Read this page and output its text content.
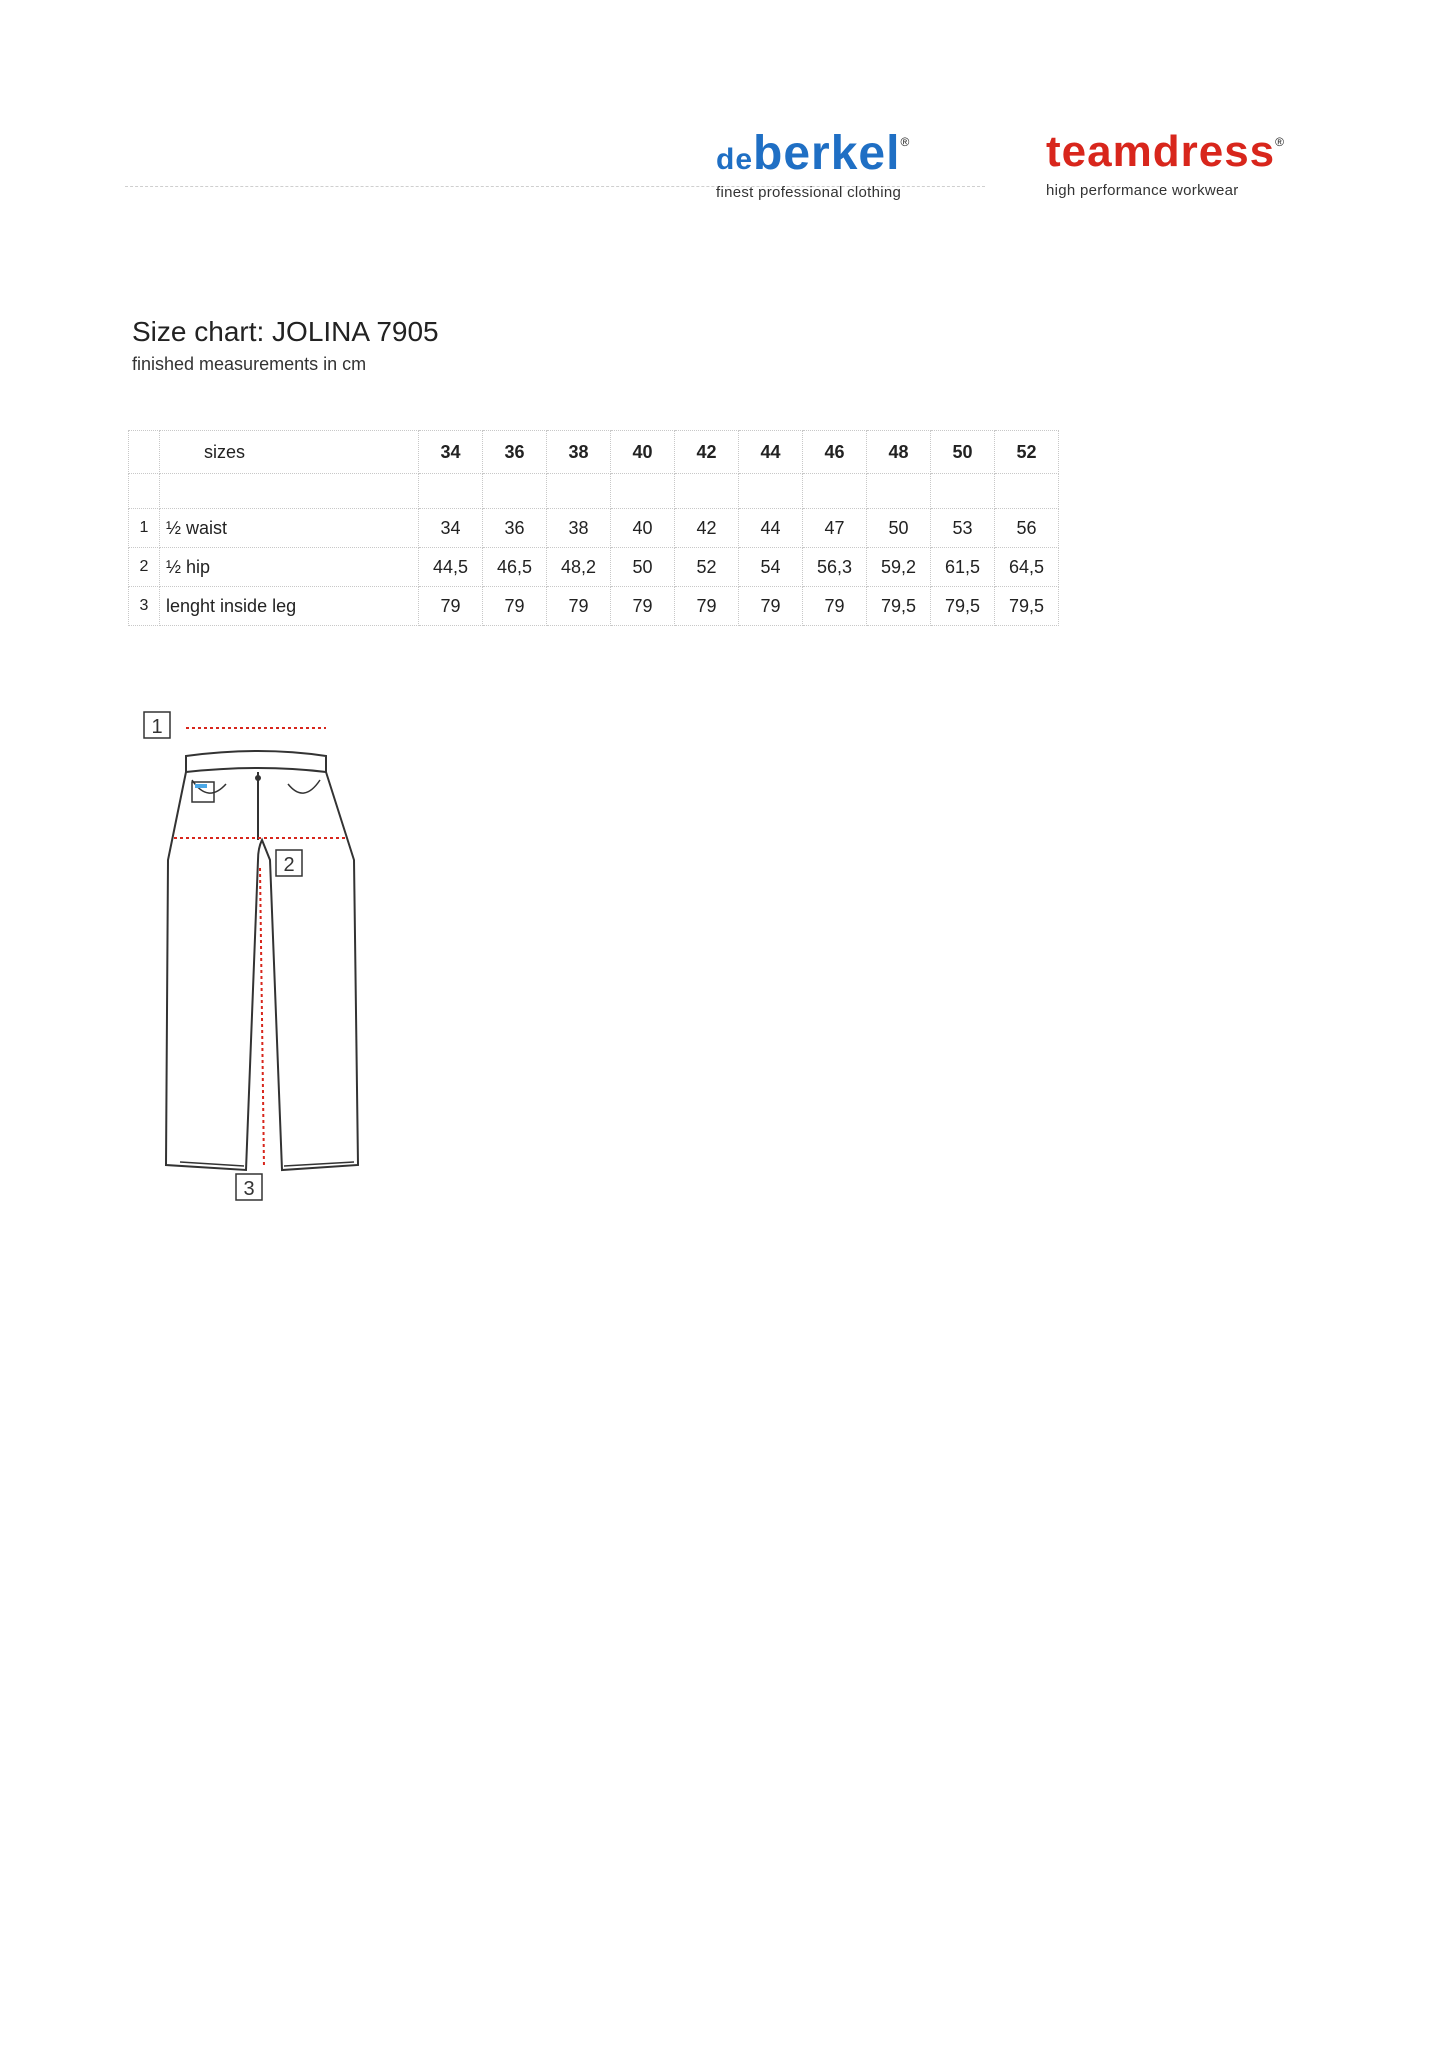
deberkel®
finest professional clothing
teamdress®
high performance workwear
Size chart: JOLINA 7905
finished measurements in cm
	sizes	34	36	38	40	42	44	46	48	50	52

1	½ waist	34	36	38	40	42	44	47	50	53	56
2	½ hip	44,5	46,5	48,2	50	52	54	56,3	59,2	61,5	64,5
3	lenght inside leg	79	79	79	79	79	79	79	79,5	79,5	79,5
1
2
3
